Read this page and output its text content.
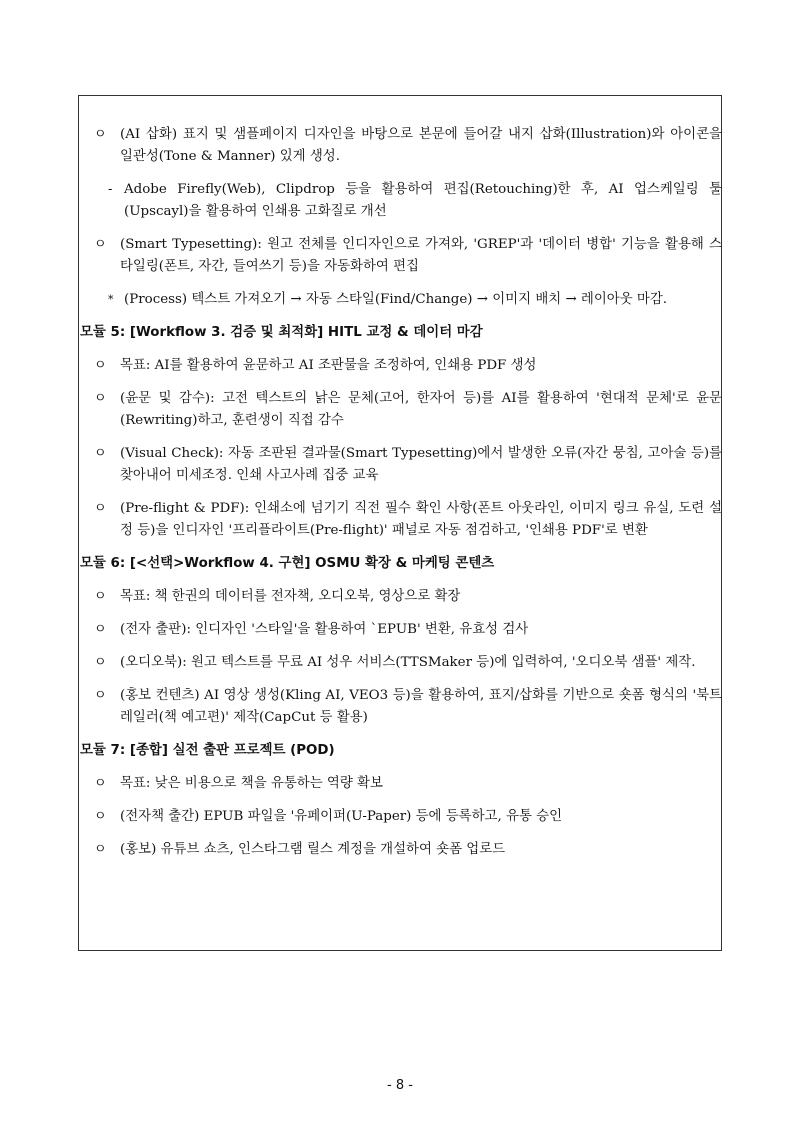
ㅇ (AI 삽화) 표지 및 샘플페이지 디자인을 바탕으로 본문에 들어갈 내지 삽화(Illustration)와 아이콘을 일관성(Tone & Manner) 있게 생성.
- Adobe Firefly(Web), Clipdrop 등을 활용하여 편집(Retouching)한 후, AI 업스케일링 툴(Upscayl)을 활용하여 인쇄용 고화질로 개선
ㅇ (Smart Typesetting): 원고 전체를 인디자인으로 가져와, 'GREP'과 '데이터 병합' 기능을 활용해 스타일링(폰트, 자간, 들여쓰기 등)을 자동화하여 편집
* (Process) 텍스트 가져오기 → 자동 스타일(Find/Change) → 이미지 배치 → 레이아웃 마감.
모듈 5: [Workflow 3. 검증 및 최적화] HITL 교정 & 데이터 마감
ㅇ 목표: AI를 활용하여 윤문하고 AI 조판물을 조정하여, 인쇄용 PDF 생성
ㅇ (윤문 및 감수): 고전 텍스트의 낡은 문체(고어, 한자어 등)를 AI를 활용하여 '현대적 문체'로 윤문(Rewriting)하고, 훈련생이 직접 감수
ㅇ (Visual Check): 자동 조판된 결과물(Smart Typesetting)에서 발생한 오류(자간 뭉침, 고아술 등)를 찾아내어 미세조정. 인쇄 사고사례 집중 교육
ㅇ (Pre-flight & PDF): 인쇄소에 넘기기 직전 필수 확인 사항(폰트 아웃라인, 이미지 링크 유실, 도련 설정 등)을 인디자인 '프리플라이트(Pre-flight)' 패널로 자동 점검하고, '인쇄용 PDF'로 변환
모듈 6: [<선택>Workflow 4. 구현] OSMU 확장 & 마케팅 콘텐츠
ㅇ 목표: 책 한권의 데이터를 전자책, 오디오북, 영상으로 확장
ㅇ (전자 출판): 인디자인 '스타일'을 활용하여 `EPUB' 변환, 유효성 검사
ㅇ (오디오북): 원고 텍스트를 무료 AI 성우 서비스(TTSMaker 등)에 입력하여, '오디오북 샘플' 제작.
ㅇ (홍보 컨텐츠) AI 영상 생성(Kling AI, VEO3 등)을 활용하여, 표지/삽화를 기반으로 숏폼 형식의 '북트레일러(책 예고편)' 제작(CapCut 등 활용)
모듈 7: [종합] 실전 출판 프로젝트 (POD)
ㅇ 목표: 낮은 비용으로 책을 유통하는 역량 확보
ㅇ (전자책 출간) EPUB 파일을 '유페이퍼(U-Paper) 등에 등록하고, 유통 승인
ㅇ (홍보) 유튜브 쇼츠, 인스타그램 릴스 계정을 개설하여 숏폼 업로드
- 8 -
